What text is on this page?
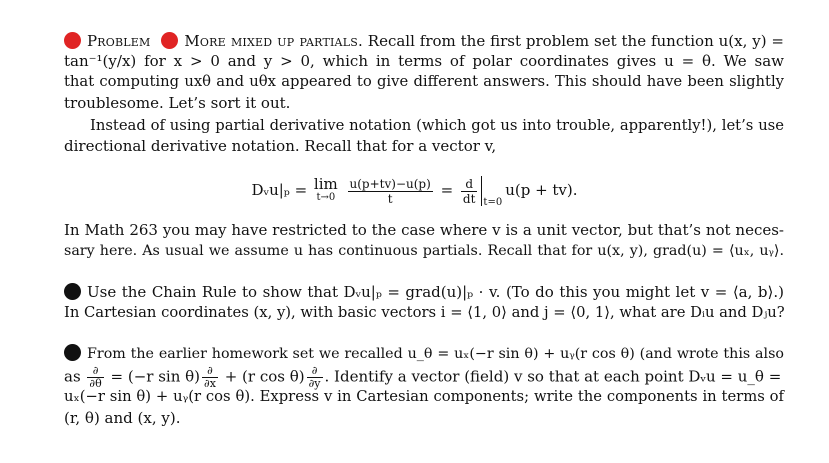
Problem More mixed up partials. Recall from the first problem set the function u(x, y) =
tan⁻¹(y/x) for x > 0 and y > 0, which in terms of polar coordinates gives u = θ. We saw
that computing uxθ and uθx appeared to give different answers. This should have been slightly
troublesome. Let’s sort it out.
Instead of using partial derivative notation (which got us into trouble, apparently!), let’s use
directional derivative notation. Recall that for a vector v,
Dᵥu|ₚ = lim
t→0
$\frac{u(p+tv)-u(p)}{t} = \frac{d}{dt} _{t=0}u(p + tv)$.
In Math 263 you may have restricted to the case where v is a unit vector, but that’s not neces-
sary here. As usual we assume u has continuous partials. Recall that for u(x, y), grad(u) = ⟨uₓ, uᵧ⟩.
Use the Chain Rule to show that Dᵥu|ₚ = grad(u)|ₚ · v. (To do this you might let v = ⟨a, b⟩.)
In Cartesian coordinates (x, y), with basic vectors i = ⟨1, 0⟩ and j = ⟨0, 1⟩, what are Dᵢu and Dⱼu?
From the earlier homework set we recalled u_θ = uₓ(−r sin θ) + uᵧ(r cos θ) (and wrote this also
as $\frac{\partial}{\partial\theta} = (-r$ $\sin \theta) \frac{\partial}{\partial x} + (r$ $\cos \theta) \frac{\partial}{\partial y}$ . Identify a vector (field) v so that at each point Dᵥu = u_θ =
uₓ(−r sin θ) + uᵧ(r cos θ). Express v in Cartesian components; write the components in terms of
(r, θ) and (x, y).
